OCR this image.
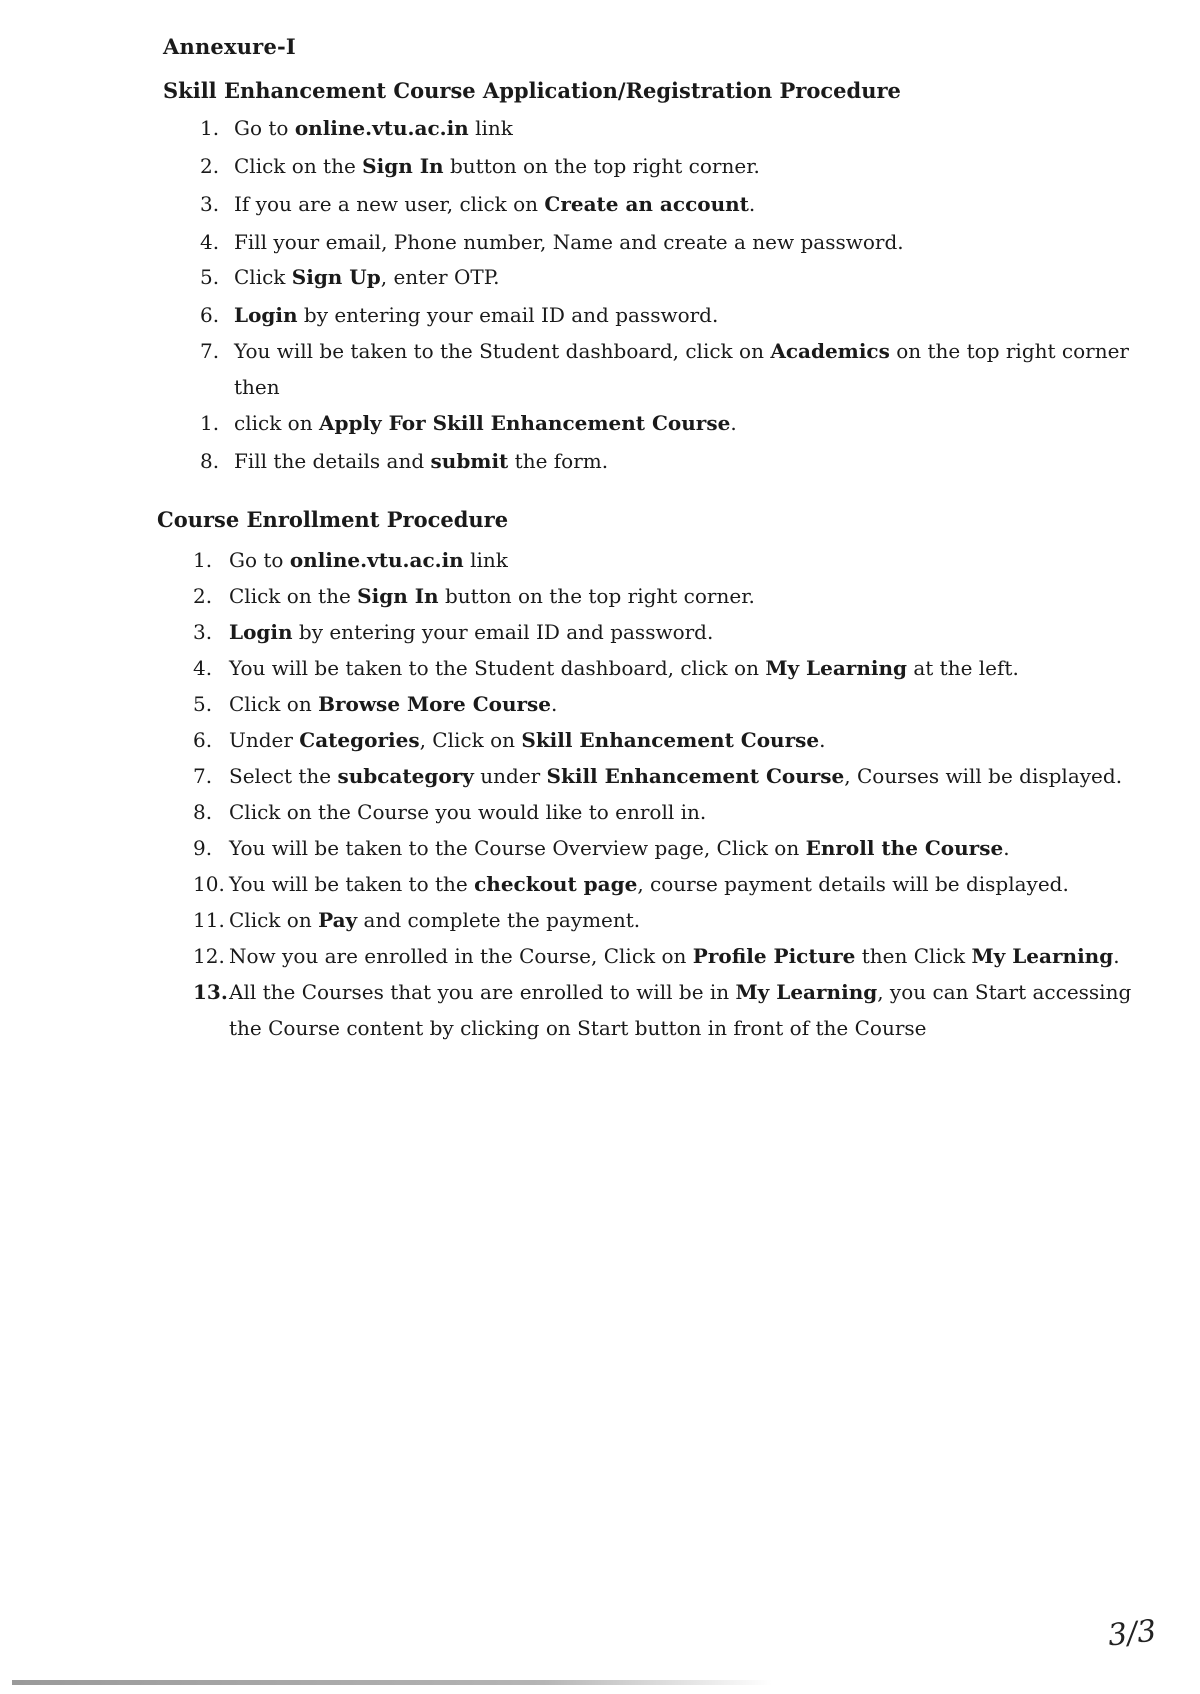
Annexure-I
Skill Enhancement Course Application/Registration Procedure
1. Go to online.vtu.ac.in link
2. Click on the Sign In button on the top right corner.
3. If you are a new user, click on Create an account.
4. Fill your email, Phone number, Name and create a new password.
5. Click Sign Up, enter OTP.
6. Login by entering your email ID and password.
7. You will be taken to the Student dashboard, click on Academics on the top right corner
then
1. click on Apply For Skill Enhancement Course.
8. Fill the details and submit the form.
Course Enrollment Procedure
1. Go to online.vtu.ac.in link
2. Click on the Sign In button on the top right corner.
3. Login by entering your email ID and password.
4. You will be taken to the Student dashboard, click on My Learning at the left.
5. Click on Browse More Course.
6. Under Categories, Click on Skill Enhancement Course.
7. Select the subcategory under Skill Enhancement Course, Courses will be displayed.
8. Click on the Course you would like to enroll in.
9. You will be taken to the Course Overview page, Click on Enroll the Course.
10. You will be taken to the checkout page, course payment details will be displayed.
11. Click on Pay and complete the payment.
12. Now you are enrolled in the Course, Click on Profile Picture then Click My Learning.
13. All the Courses that you are enrolled to will be in My Learning, you can Start accessing
the Course content by clicking on Start button in front of the Course
3/3
